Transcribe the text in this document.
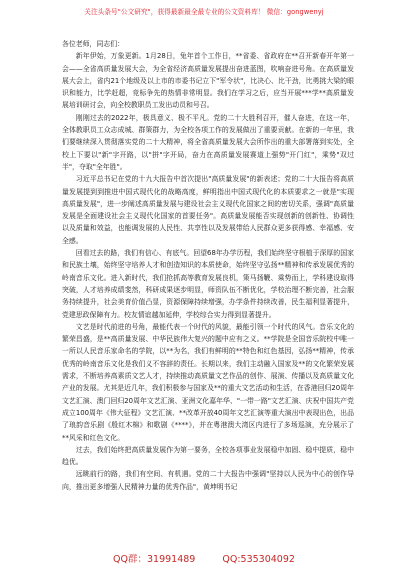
关注头条号"公文研究"，获得最新最全最专业的公文资料库！ 微信：gongwenyj

各位老师，同志们：

新年伊始，万象更新。1月28日，兔年首个工作日，**省委、省政府在**召开新春开年第一会——全省高质量发展大会，为全省经济高质量发展提出奋进蓝图，吹响奋进号角。在高质量发展大会上，省内21个地级及以上市的市委书记立下"军令状"，比决心、比干劲，比勇挑大梁的眼识和能力，比学赶超，竞标争先的热情非常明显。我们在学习之后，应当开展***学**高质量发展培训研讨会，向全校教职员工发出动员和号召。

刚刚过去的2022年，极具意义、极不平凡。党的二十大胜利召开，催人奋进，在这一年，全体教职员工众志成城、群策群力，为全校各项工作的发展做出了重要贡献。在新的一年里，我们要继续深入贯彻落实党的二十大精神，将全省高质量发展大会所作出的重大部署落到实处，全校上下要以"新"字开路，以"拼"字开局，奋力在高质量发展赛道上强势"开门红"，乘势"双过半"，夺取"全年胜"。

习近平总书记在党的十九大报告中首次提出"高质量发展"的新表述；党的二十大报告将高质量发展提到到推进中国式现代化的战略高度，鲜明指出中国式现代化的本质要求之一就是"实现高质量发展"，进一步阐述高质量发展与建设社会主义现代化国家之间的密切关系，强调"高质量发展是全面建设社会主义现代化国家的首要任务"。高质量发展能否实现创新的创新性、协调性以及质量和效益，也能调发展的人民性、共享性以及发展带给人民群众更多获得感、幸福感、安全感。

回看过去的路，我们有信心、有底气。回望68年办学历程，我们始终坚守根植于深厚的国家和民族土壤，始终坚守培养人才和创造知识的本质使命，始终坚守弘扬**精神和传承发展优秀的岭南音乐文化。进入新时代，我们抢抓高等教育发展良机，策马扬鞭、乘势而上，学科建设取得突破，人才培养成绩斐然，科研成果逐步明显，师资队伍不断优化，学校治理不断完善，社会服务持续提升，社会美育价值凸显，资源保障持续增强，办学条件持续改善，民生福利显著提升，党建思政保障有力。校友情谊越加延伸，学校综合实力得到显著提升。

文艺是时代前进的号角，最能代表一个时代的风貌，最能引领一个时代的风气。音乐文化的繁荣昌盛，是**高质量发展、中华民族伟大复兴的题中应有之义。**学院是全国音乐院校中唯一一所以人民音乐家命名的学院，以**为名，我们有鲜明的**特色和红色基因，弘扬**精神，传承优秀的岭南音乐文化是我们义不容辞的责任。长期以来，我们主动融入国家及**的文化繁荣发展需求，不断培养高素质文艺人才，持续推动高质量文艺作品的创作、展演、传播以及高质量文化产业的发展。尤其是近几年，我们积极参与国家及**的重大文艺活动和生活，在香港回归20周年文艺汇演、澳门回归20周年文艺汇演、亚洲文化嘉年华、"一带一路"文艺汇演、庆祝中国共产党成立100周年《伟大征程》文艺汇演、**改革开放40周年文艺汇演等重大演出中表现出色，出品了琅韵音乐剧《殷红木棉》和歌剧《****》，并在粤港澳大湾区内进行了多场巡演，充分展示了**风采和红色文化。

过去，我们始终把高质量发展作为第一要务，全校各项事业发展稳中加固、稳中提质，稳中趋优。

远眺前行的路，我们有空间、有机遇。党的二十大报告中强调"坚持以人民为中心的创作导向，推出更多增强人民精神力量的优秀作品"，黄坤明书记

QQ群：31991489	QQ:535304092
